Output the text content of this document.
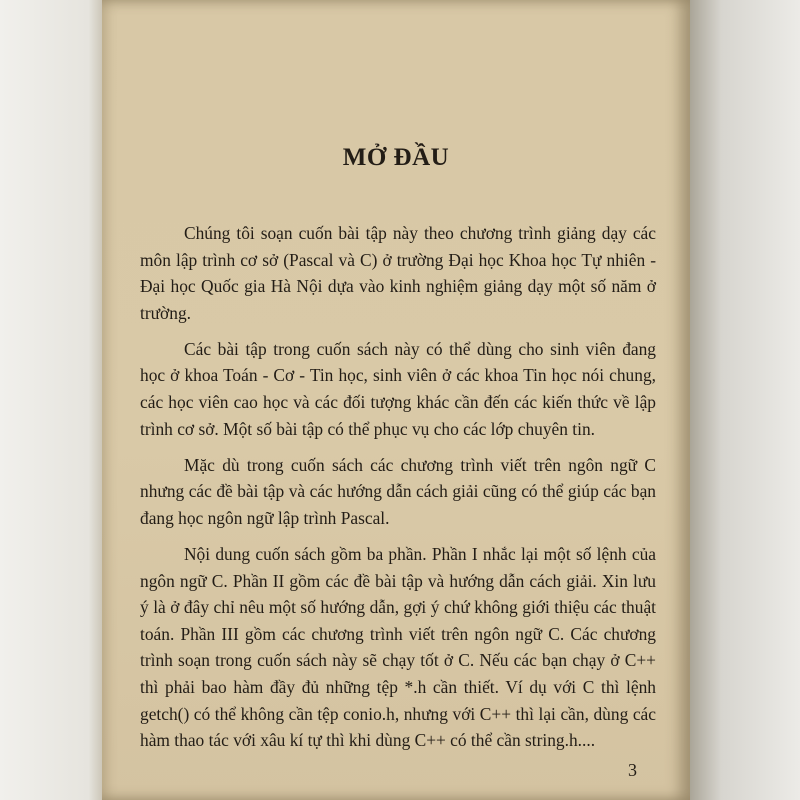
MỞ ĐẦU

Chúng tôi soạn cuốn bài tập này theo chương trình giảng dạy các môn lập trình cơ sở (Pascal và C) ở trường Đại học Khoa học Tự nhiên - Đại học Quốc gia Hà Nội dựa vào kinh nghiệm giảng dạy một số năm ở trường.

Các bài tập trong cuốn sách này có thể dùng cho sinh viên đang học ở khoa Toán - Cơ - Tin học, sinh viên ở các khoa Tin học nói chung, các học viên cao học và các đối tượng khác cần đến các kiến thức về lập trình cơ sở. Một số bài tập có thể phục vụ cho các lớp chuyên tin.

Mặc dù trong cuốn sách các chương trình viết trên ngôn ngữ C nhưng các đề bài tập và các hướng dẫn cách giải cũng có thể giúp các bạn đang học ngôn ngữ lập trình Pascal.

Nội dung cuốn sách gồm ba phần. Phần I nhắc lại một số lệnh của ngôn ngữ C. Phần II gồm các đề bài tập và hướng dẫn cách giải. Xin lưu ý là ở đây chỉ nêu một số hướng dẫn, gợi ý chứ không giới thiệu các thuật toán. Phần III gồm các chương trình viết trên ngôn ngữ C. Các chương trình soạn trong cuốn sách này sẽ chạy tốt ở C. Nếu các bạn chạy ở C++ thì phải bao hàm đầy đủ những tệp *.h cần thiết. Ví dụ với C thì lệnh getch() có thể không cần tệp conio.h, nhưng với C++ thì lại cần, dùng các hàm thao tác với xâu kí tự thì khi dùng C++ có thể cần string.h....

3
